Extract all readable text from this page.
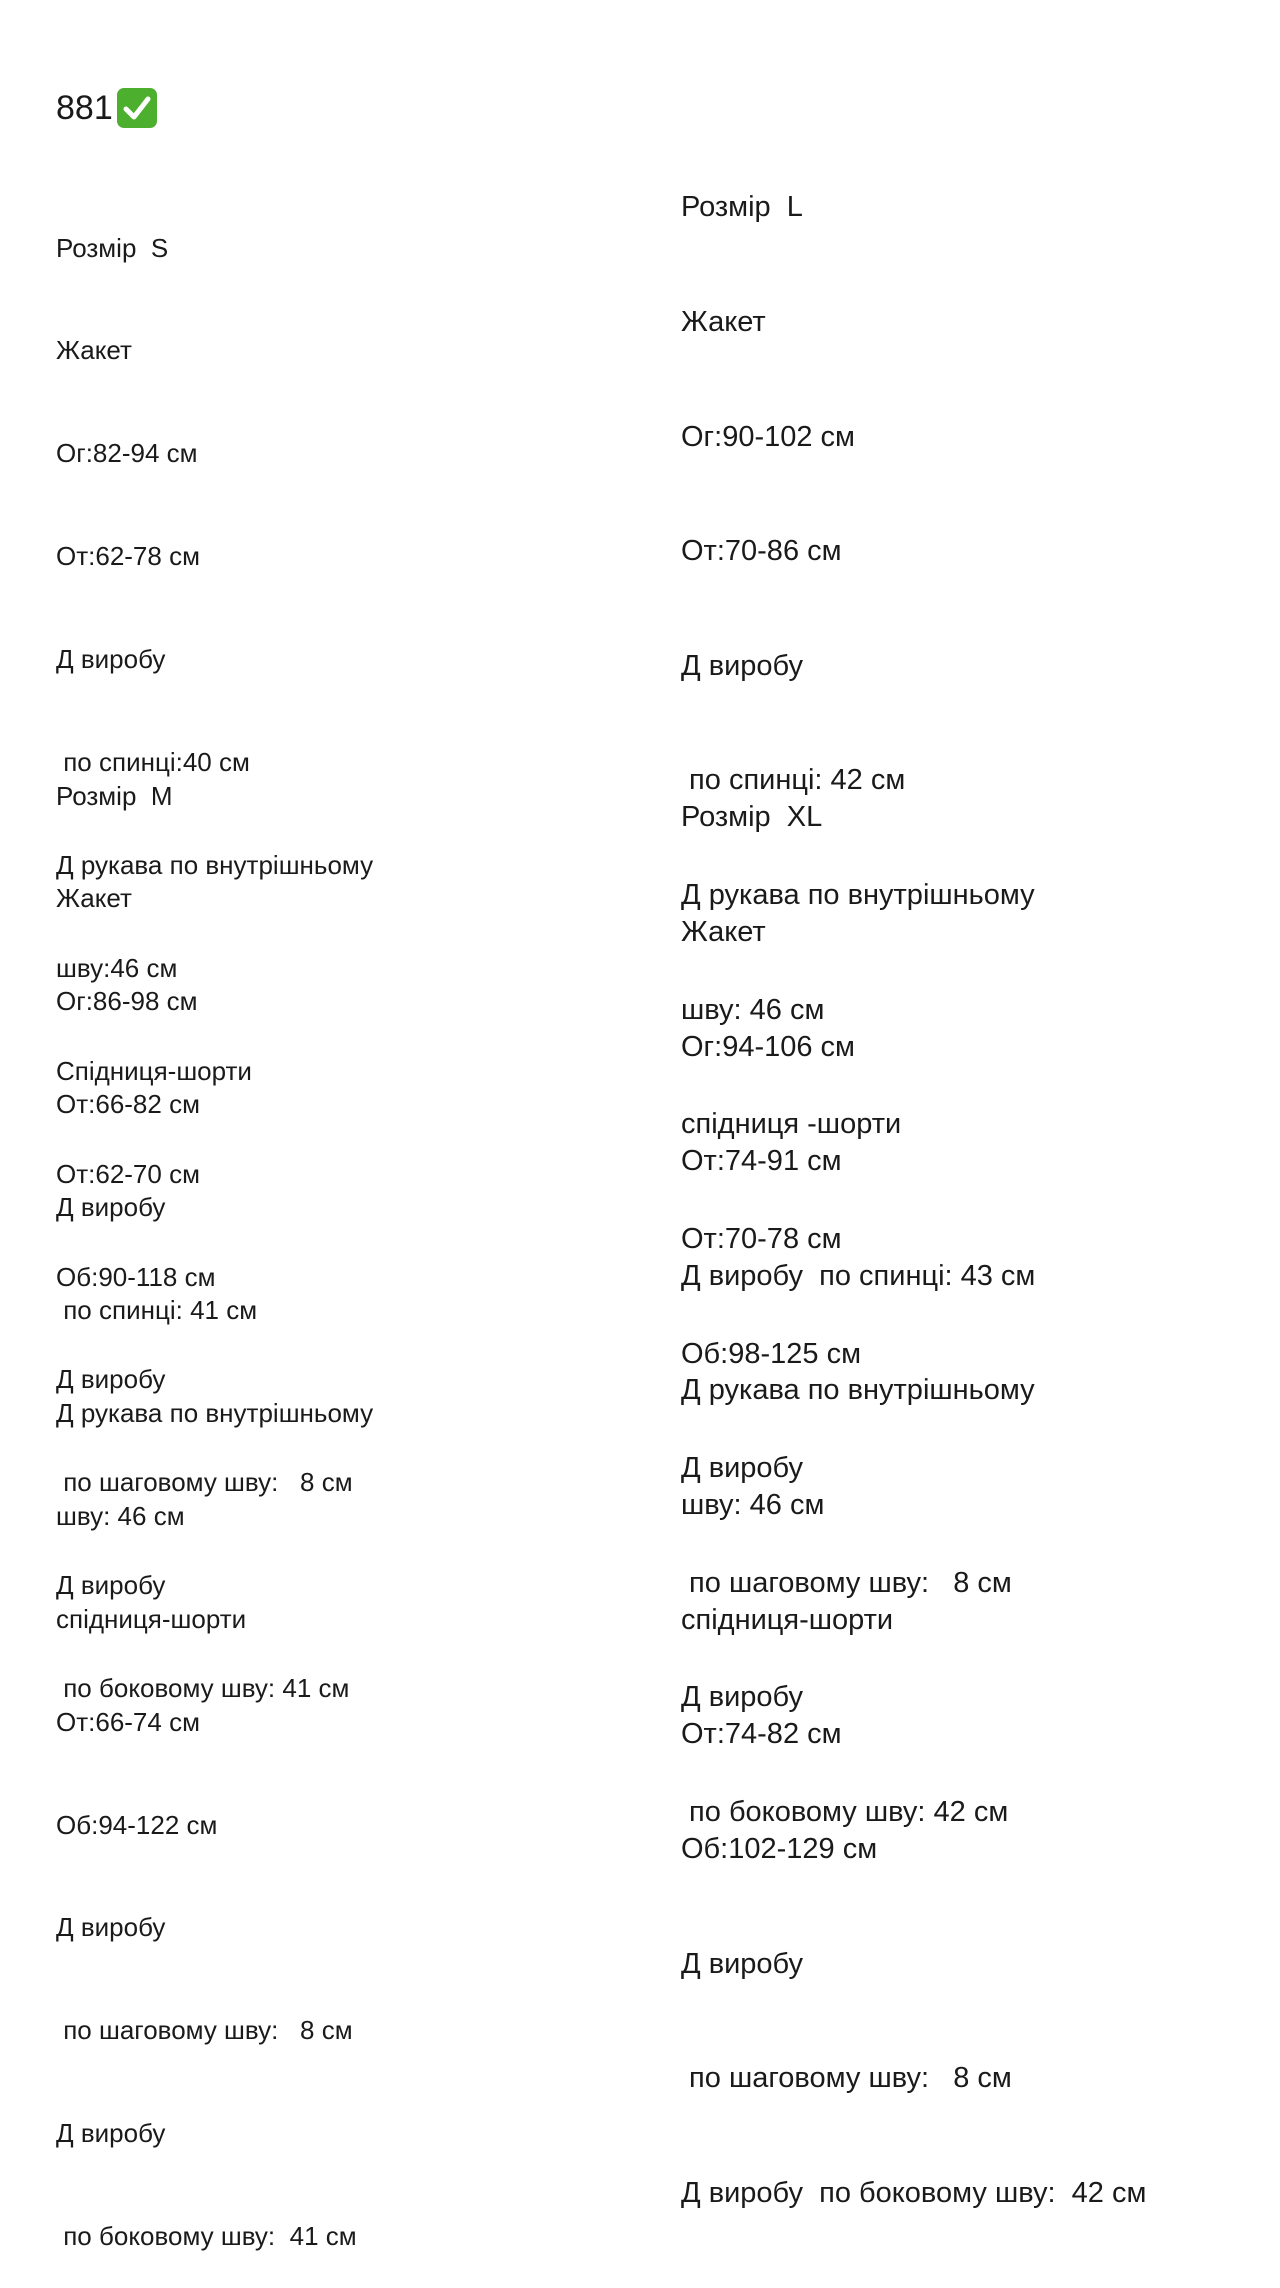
881

Розмір  S

Жакет

Ог:82-94 см

От:62-78 см

Д виробу

по спинці:40 см

Д рукава по внутрішньому

шву:46 см

Спідниця-шорти

От:62-70 см

Об:90-118 см

Д виробу

по шаговому шву:   8 см

Д виробу

по боковому шву: 41 см

Розмір  M

Жакет

Ог:86-98 см

От:66-82 см

Д виробу

по спинці: 41 см

Д рукава по внутрішньому

шву: 46 см

спідниця-шорти

От:66-74 см

Об:94-122 см

Д виробу

по шаговому шву:   8 см

Д виробу

по боковому шву:  41 см

Розмір  L

Жакет

Ог:90-102 см

От:70-86 см

Д виробу

по спинці: 42 см

Д рукава по внутрішньому

шву: 46 см

спідниця -шорти

От:70-78 см

Об:98-125 см

Д виробу

по шаговому шву:   8 см

Д виробу

по боковому шву: 42 см

Розмір  XL

Жакет

Ог:94-106 см

От:74-91 см

Д виробу  по спинці: 43 см

Д рукава по внутрішньому

шву: 46 см

спідниця-шорти

От:74-82 см

Об:102-129 см

Д виробу

по шаговому шву:   8 см

Д виробу  по боковому шву:  42 см
